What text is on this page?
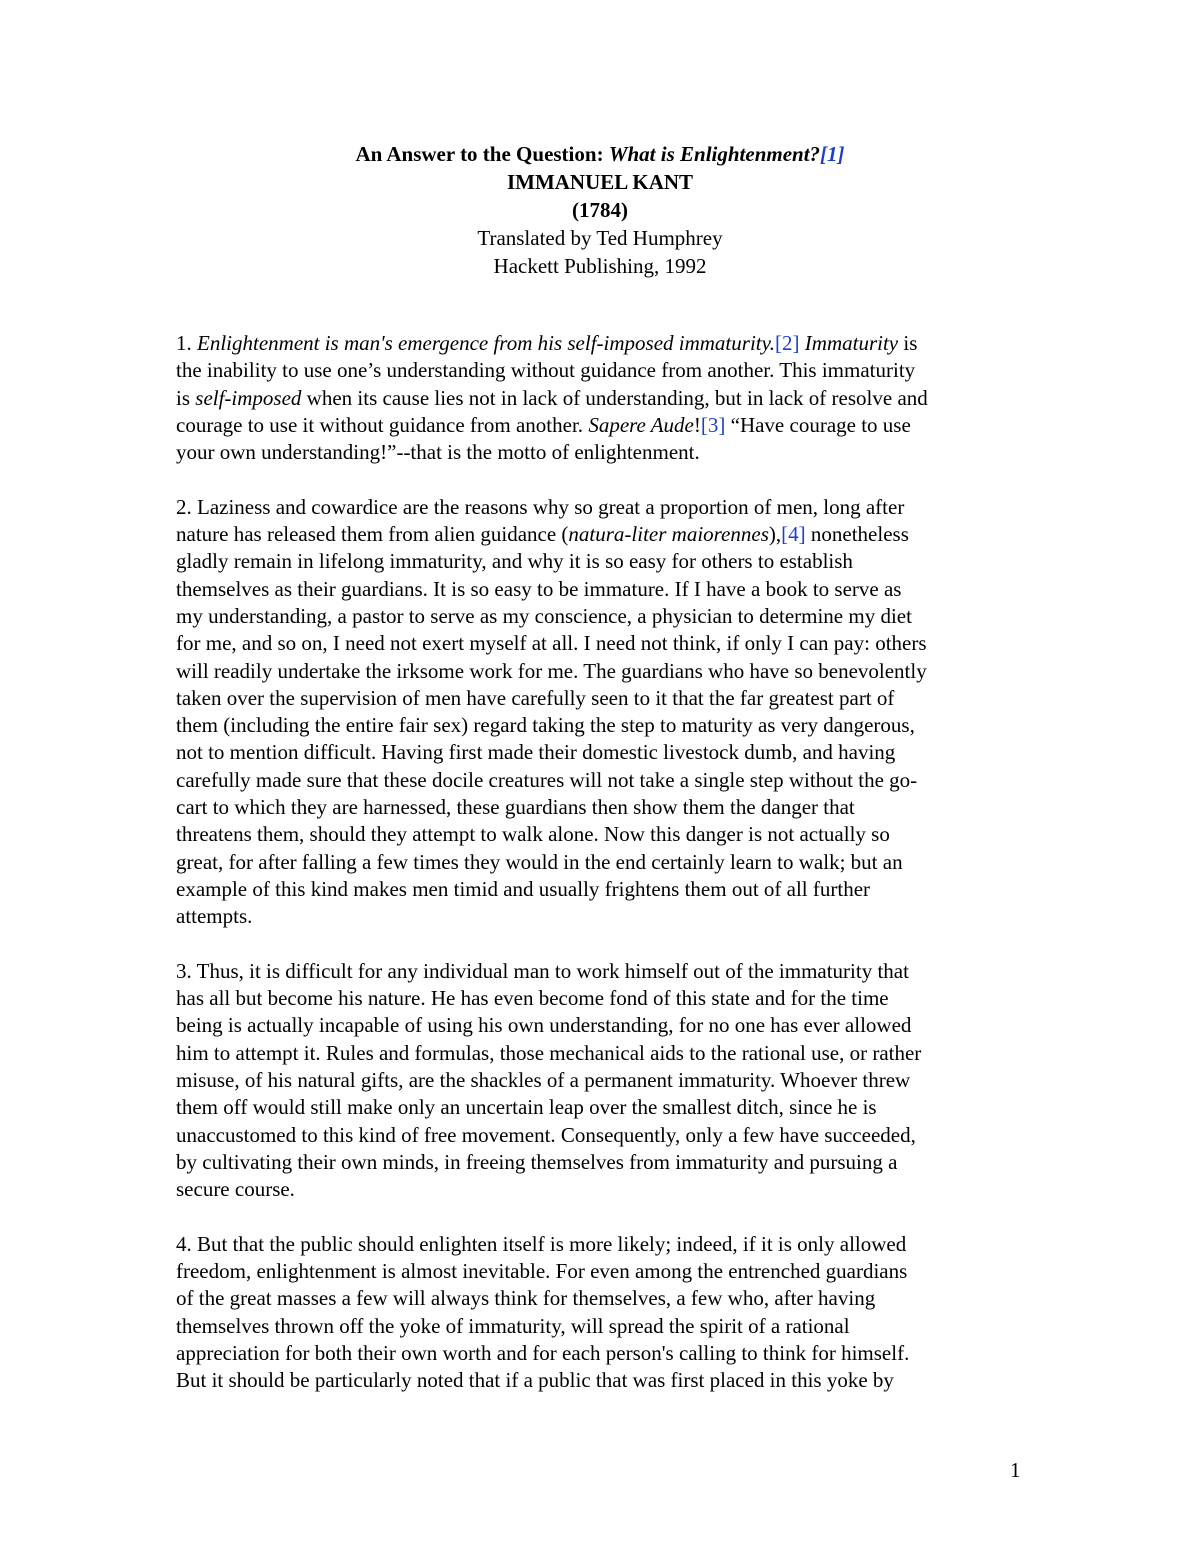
An Answer to the Question: What is Enlightenment?[1]
IMMANUEL KANT
(1784)
Translated by Ted Humphrey
Hackett Publishing, 1992

1. Enlightenment is man's emergence from his self-imposed immaturity.[2] Immaturity is
the inability to use one’s understanding without guidance from another. This immaturity
is self-imposed when its cause lies not in lack of understanding, but in lack of resolve and
courage to use it without guidance from another. Sapere Aude![3] “Have courage to use
your own understanding!”--that is the motto of enlightenment.

2. Laziness and cowardice are the reasons why so great a proportion of men, long after
nature has released them from alien guidance (natura-liter maiorennes),[4] nonetheless
gladly remain in lifelong immaturity, and why it is so easy for others to establish
themselves as their guardians. It is so easy to be immature. If I have a book to serve as
my understanding, a pastor to serve as my conscience, a physician to determine my diet
for me, and so on, I need not exert myself at all. I need not think, if only I can pay: others
will readily undertake the irksome work for me. The guardians who have so benevolently
taken over the supervision of men have carefully seen to it that the far greatest part of
them (including the entire fair sex) regard taking the step to maturity as very dangerous,
not to mention difficult. Having first made their domestic livestock dumb, and having
carefully made sure that these docile creatures will not take a single step without the go-
cart to which they are harnessed, these guardians then show them the danger that
threatens them, should they attempt to walk alone. Now this danger is not actually so
great, for after falling a few times they would in the end certainly learn to walk; but an
example of this kind makes men timid and usually frightens them out of all further
attempts.

3. Thus, it is difficult for any individual man to work himself out of the immaturity that
has all but become his nature. He has even become fond of this state and for the time
being is actually incapable of using his own understanding, for no one has ever allowed
him to attempt it. Rules and formulas, those mechanical aids to the rational use, or rather
misuse, of his natural gifts, are the shackles of a permanent immaturity. Whoever threw
them off would still make only an uncertain leap over the smallest ditch, since he is
unaccustomed to this kind of free movement. Consequently, only a few have succeeded,
by cultivating their own minds, in freeing themselves from immaturity and pursuing a
secure course.

4. But that the public should enlighten itself is more likely; indeed, if it is only allowed
freedom, enlightenment is almost inevitable. For even among the entrenched guardians
of the great masses a few will always think for themselves, a few who, after having
themselves thrown off the yoke of immaturity, will spread the spirit of a rational
appreciation for both their own worth and for each person's calling to think for himself.
But it should be particularly noted that if a public that was first placed in this yoke by

1
